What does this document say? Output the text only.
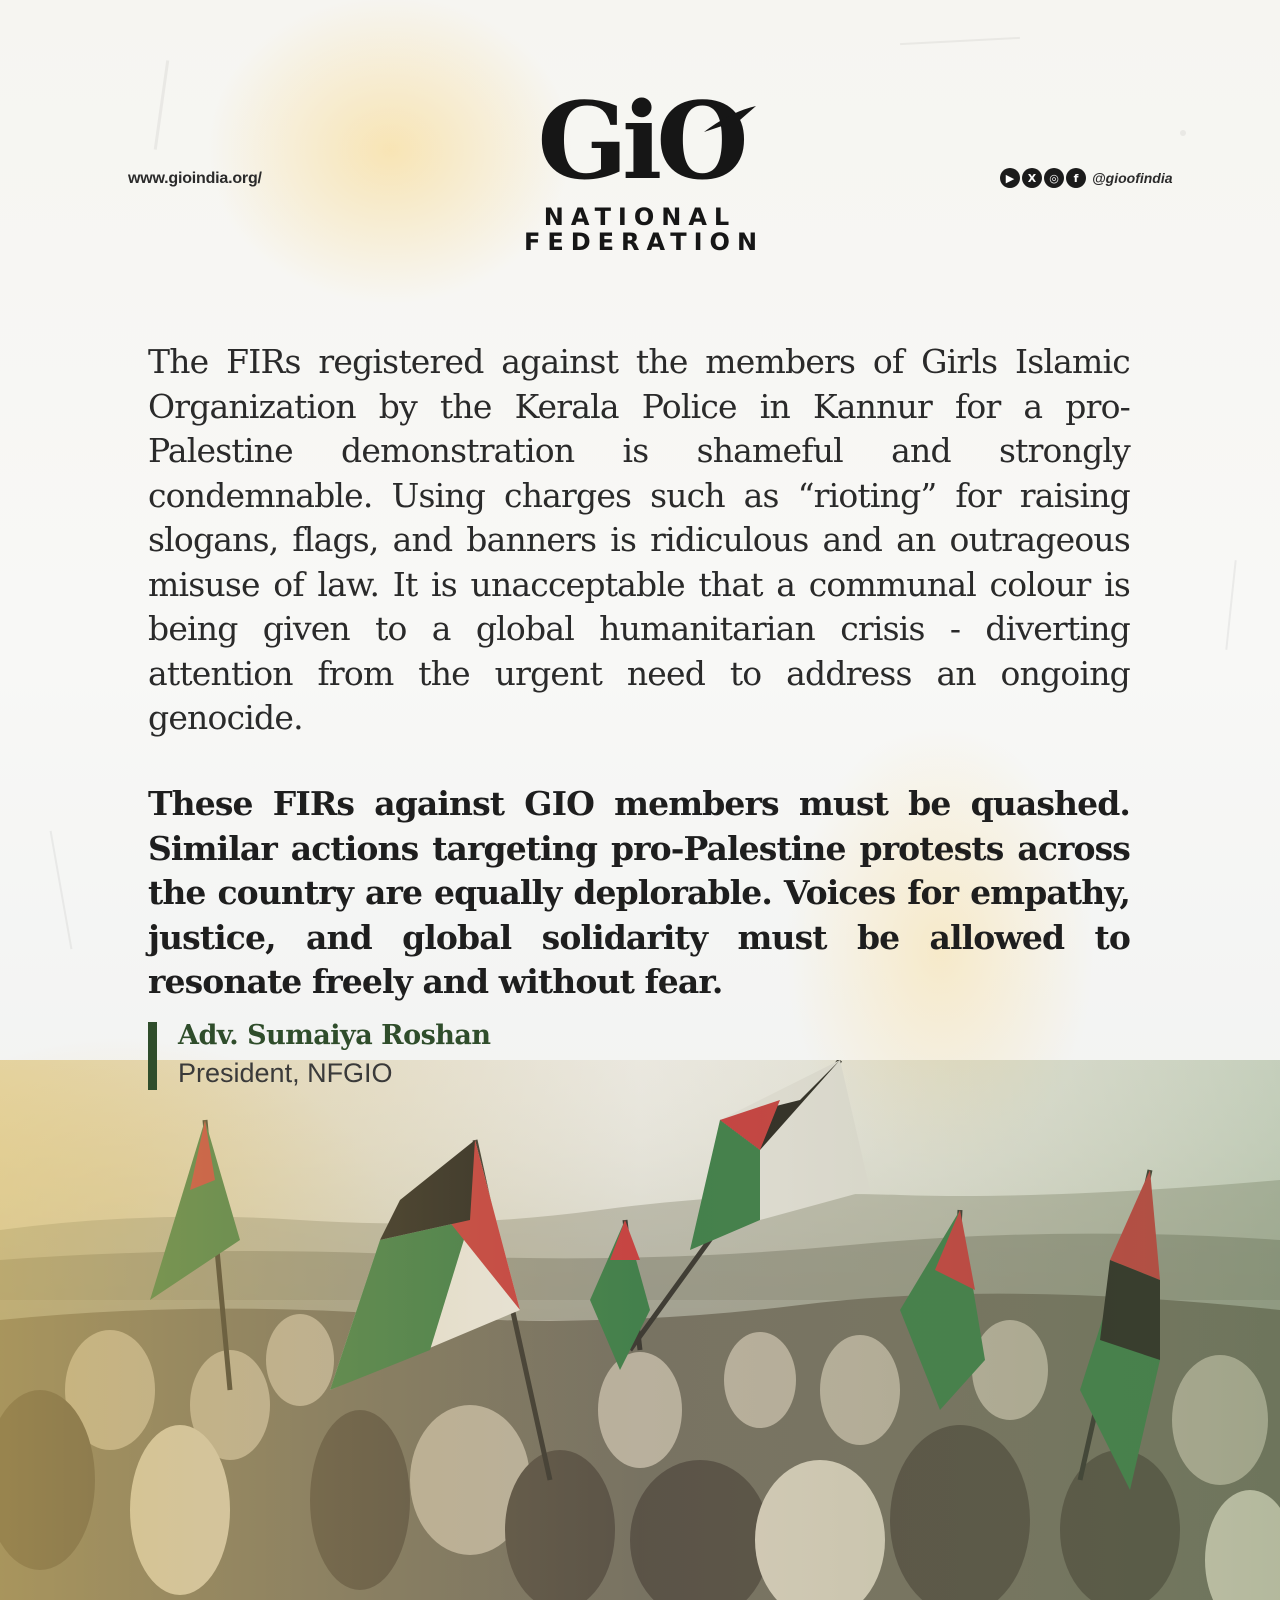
www.gioindia.org/	GiO
NATIONAL
FEDERATION
▶	X	◎	f @gioofindia

The FIRs registered against the members of Girls Islamic Organization by the Kerala Police in Kannur for a pro-Palestine demonstration is shameful and strongly condemnable. Using charges such as “rioting” for raising slogans, flags, and banners is ridiculous and an outrageous misuse of law. It is unacceptable that a communal colour is being given to a global humanitarian crisis - diverting attention from the urgent need to address an ongoing genocide.

These FIRs against GIO members must be quashed. Similar actions targeting pro-Palestine protests across the country are equally deplorable. Voices for empathy, justice, and global solidarity must be allowed to resonate freely and without fear.

Adv. Sumaiya Roshan
President, NFGIO
